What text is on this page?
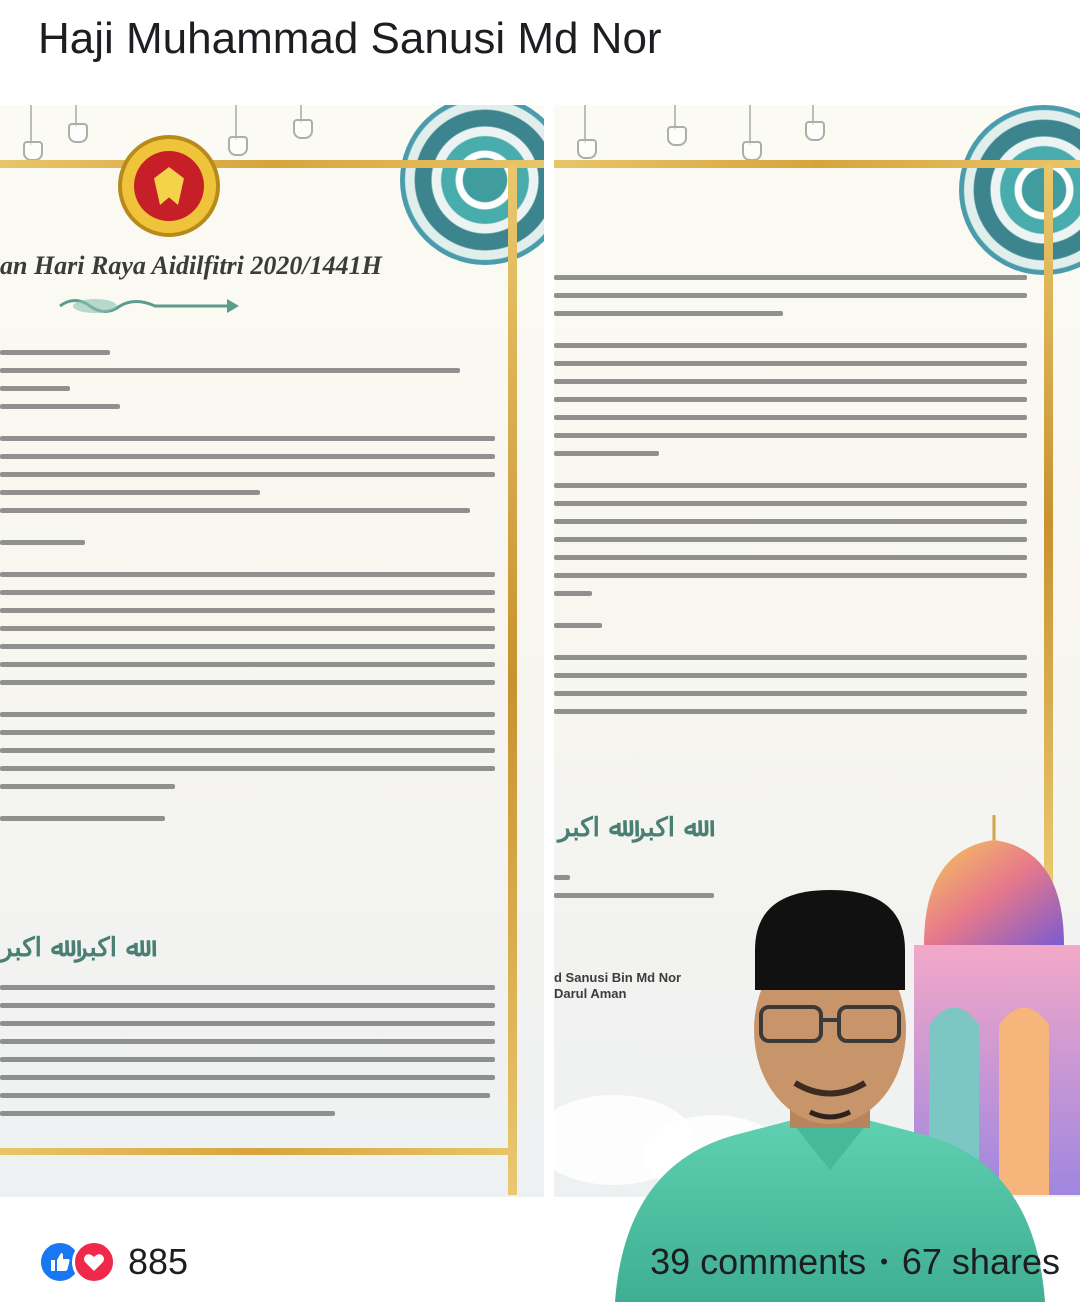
Haji Muhammad Sanusi Md Nor
an Hari Raya Aidilfitri 2020/1441H
ﷲ اکبر ﷲ اکبر
ﷲ اکبر ﷲ اکبر
d Sanusi Bin Md Nor
Darul Aman
885	39 comments • 67 shares
